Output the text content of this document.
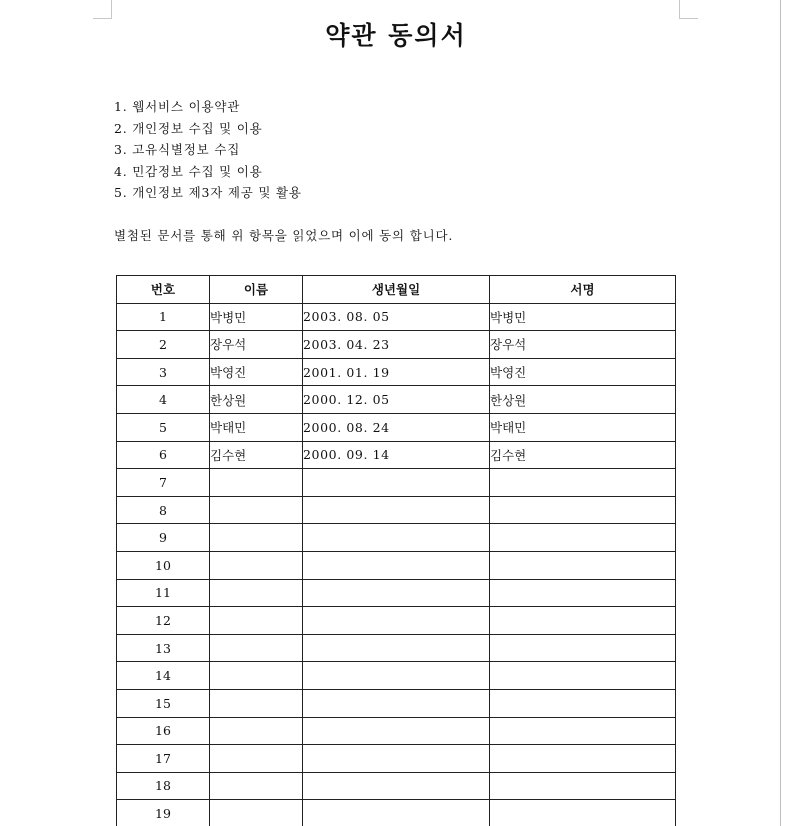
약관 동의서
1. 웹서비스 이용약관
2. 개인정보 수집 및 이용
3. 고유식별정보 수집
4. 민감정보 수집 및 이용
5. 개인정보 제3자 제공 및 활용
별첨된 문서를 통해 위 항목을 읽었으며 이에 동의 합니다.
번호	이름	생년월일	서명
1	박병민	2003. 08. 05	박병민
2	장우석	2003. 04. 23	장우석
3	박영진	2001. 01. 19	박영진
4	한상원	2000. 12. 05	한상원
5	박태민	2000. 08. 24	박태민
6	김수현	2000. 09. 14	김수현
7			
8			
9			
10			
11			
12			
13			
14			
15			
16			
17			
18			
19			
